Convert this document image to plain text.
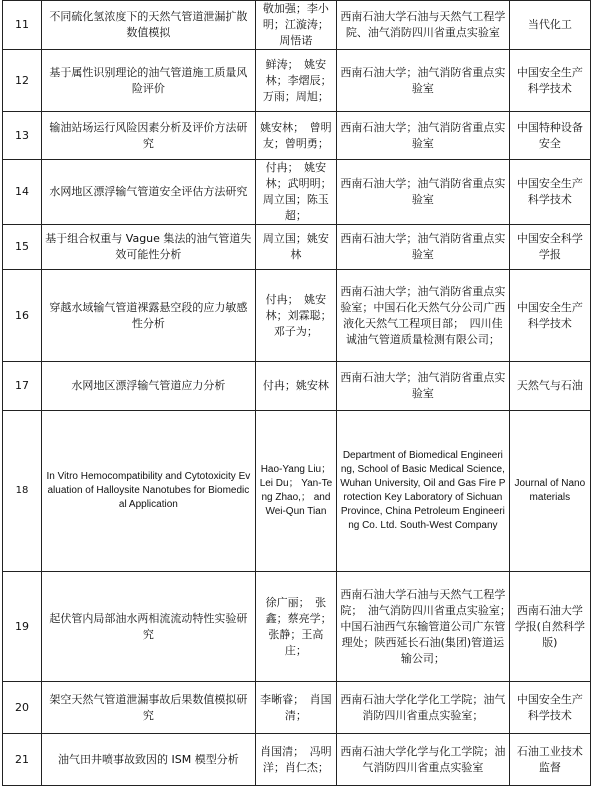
11	不同硫化氢浓度下的天然气管道泄漏扩散数值模拟	敬加强；李小明；江漩涛；周悟诺	西南石油大学石油与天然气工程学院、油气消防四川省重点实验室	当代化工
12	基于属性识别理论的油气管道施工质量风险评价	鲜涛；　姚安林；李熠辰；　万雨；周旭；	西南石油大学；油气消防省重点实验室	中国安全生产科学技术
13	输油站场运行风险因素分析及评价方法研究	姚安林；　曾明友；曾明勇；	西南石油大学；油气消防省重点实验室	中国特种设备安全
14	水网地区漂浮输气管道安全评估方法研究	付冉；　姚安林；武明明；　周立国；陈玉超；	西南石油大学；油气消防省重点实验室	中国安全生产科学技术
15	基于组合权重与 Vague 集法的油气管道失效可能性分析	周立国；姚安林	西南石油大学；油气消防省重点实验室	中国安全科学学报
16	穿越水域输气管道裸露悬空段的应力敏感性分析	付冉；　姚安林；刘霖聪；　邓子为；	西南石油大学；油气消防省重点实验室；中国石化天然气分公司广西液化天然气工程项目部；　四川佳诚油气管道质量检测有限公司；	中国安全生产科学技术
17	水网地区漂浮输气管道应力分析	付冉；姚安林	西南石油大学；油气消防省重点实验室	天然气与石油
18	In Vitro Hemocompatibility and Cytotoxicity Evaluation of Halloysite Nanotubes for Biomedical Application	Hao-Yang Liu； Lei Du； Yan-Teng Zhao,； and Wei-Qun Tian	Department of Biomedical Engineering, School of Basic Medical Science, Wuhan University, Oil and Gas Fire Protection Key Laboratory of Sichuan Province, China Petroleum Engineering Co. Ltd. South-West Company	Journal of Nanomaterials
19	起伏管内局部油水两相流流动特性实验研究	徐广丽；　张鑫；蔡亮学；　张静；王高庄；	西南石油大学石油与天然气工程学院；　油气消防四川省重点实验室；　中国石油西气东输管道公司广东管理处；陕西延长石油(集团)管道运输公司；	西南石油大学学报(自然科学版)
20	架空天然气管道泄漏事故后果数值模拟研究	李晰睿；　肖国清；	西南石油大学化学化工学院；油气消防四川省重点实验室；	中国安全生产科学技术
21	油气田井喷事故致因的 ISM 模型分析	肖国清；　冯明洋；肖仁杰；	西南石油大学化学与化工学院；油气消防四川省重点实验室	石油工业技术监督
